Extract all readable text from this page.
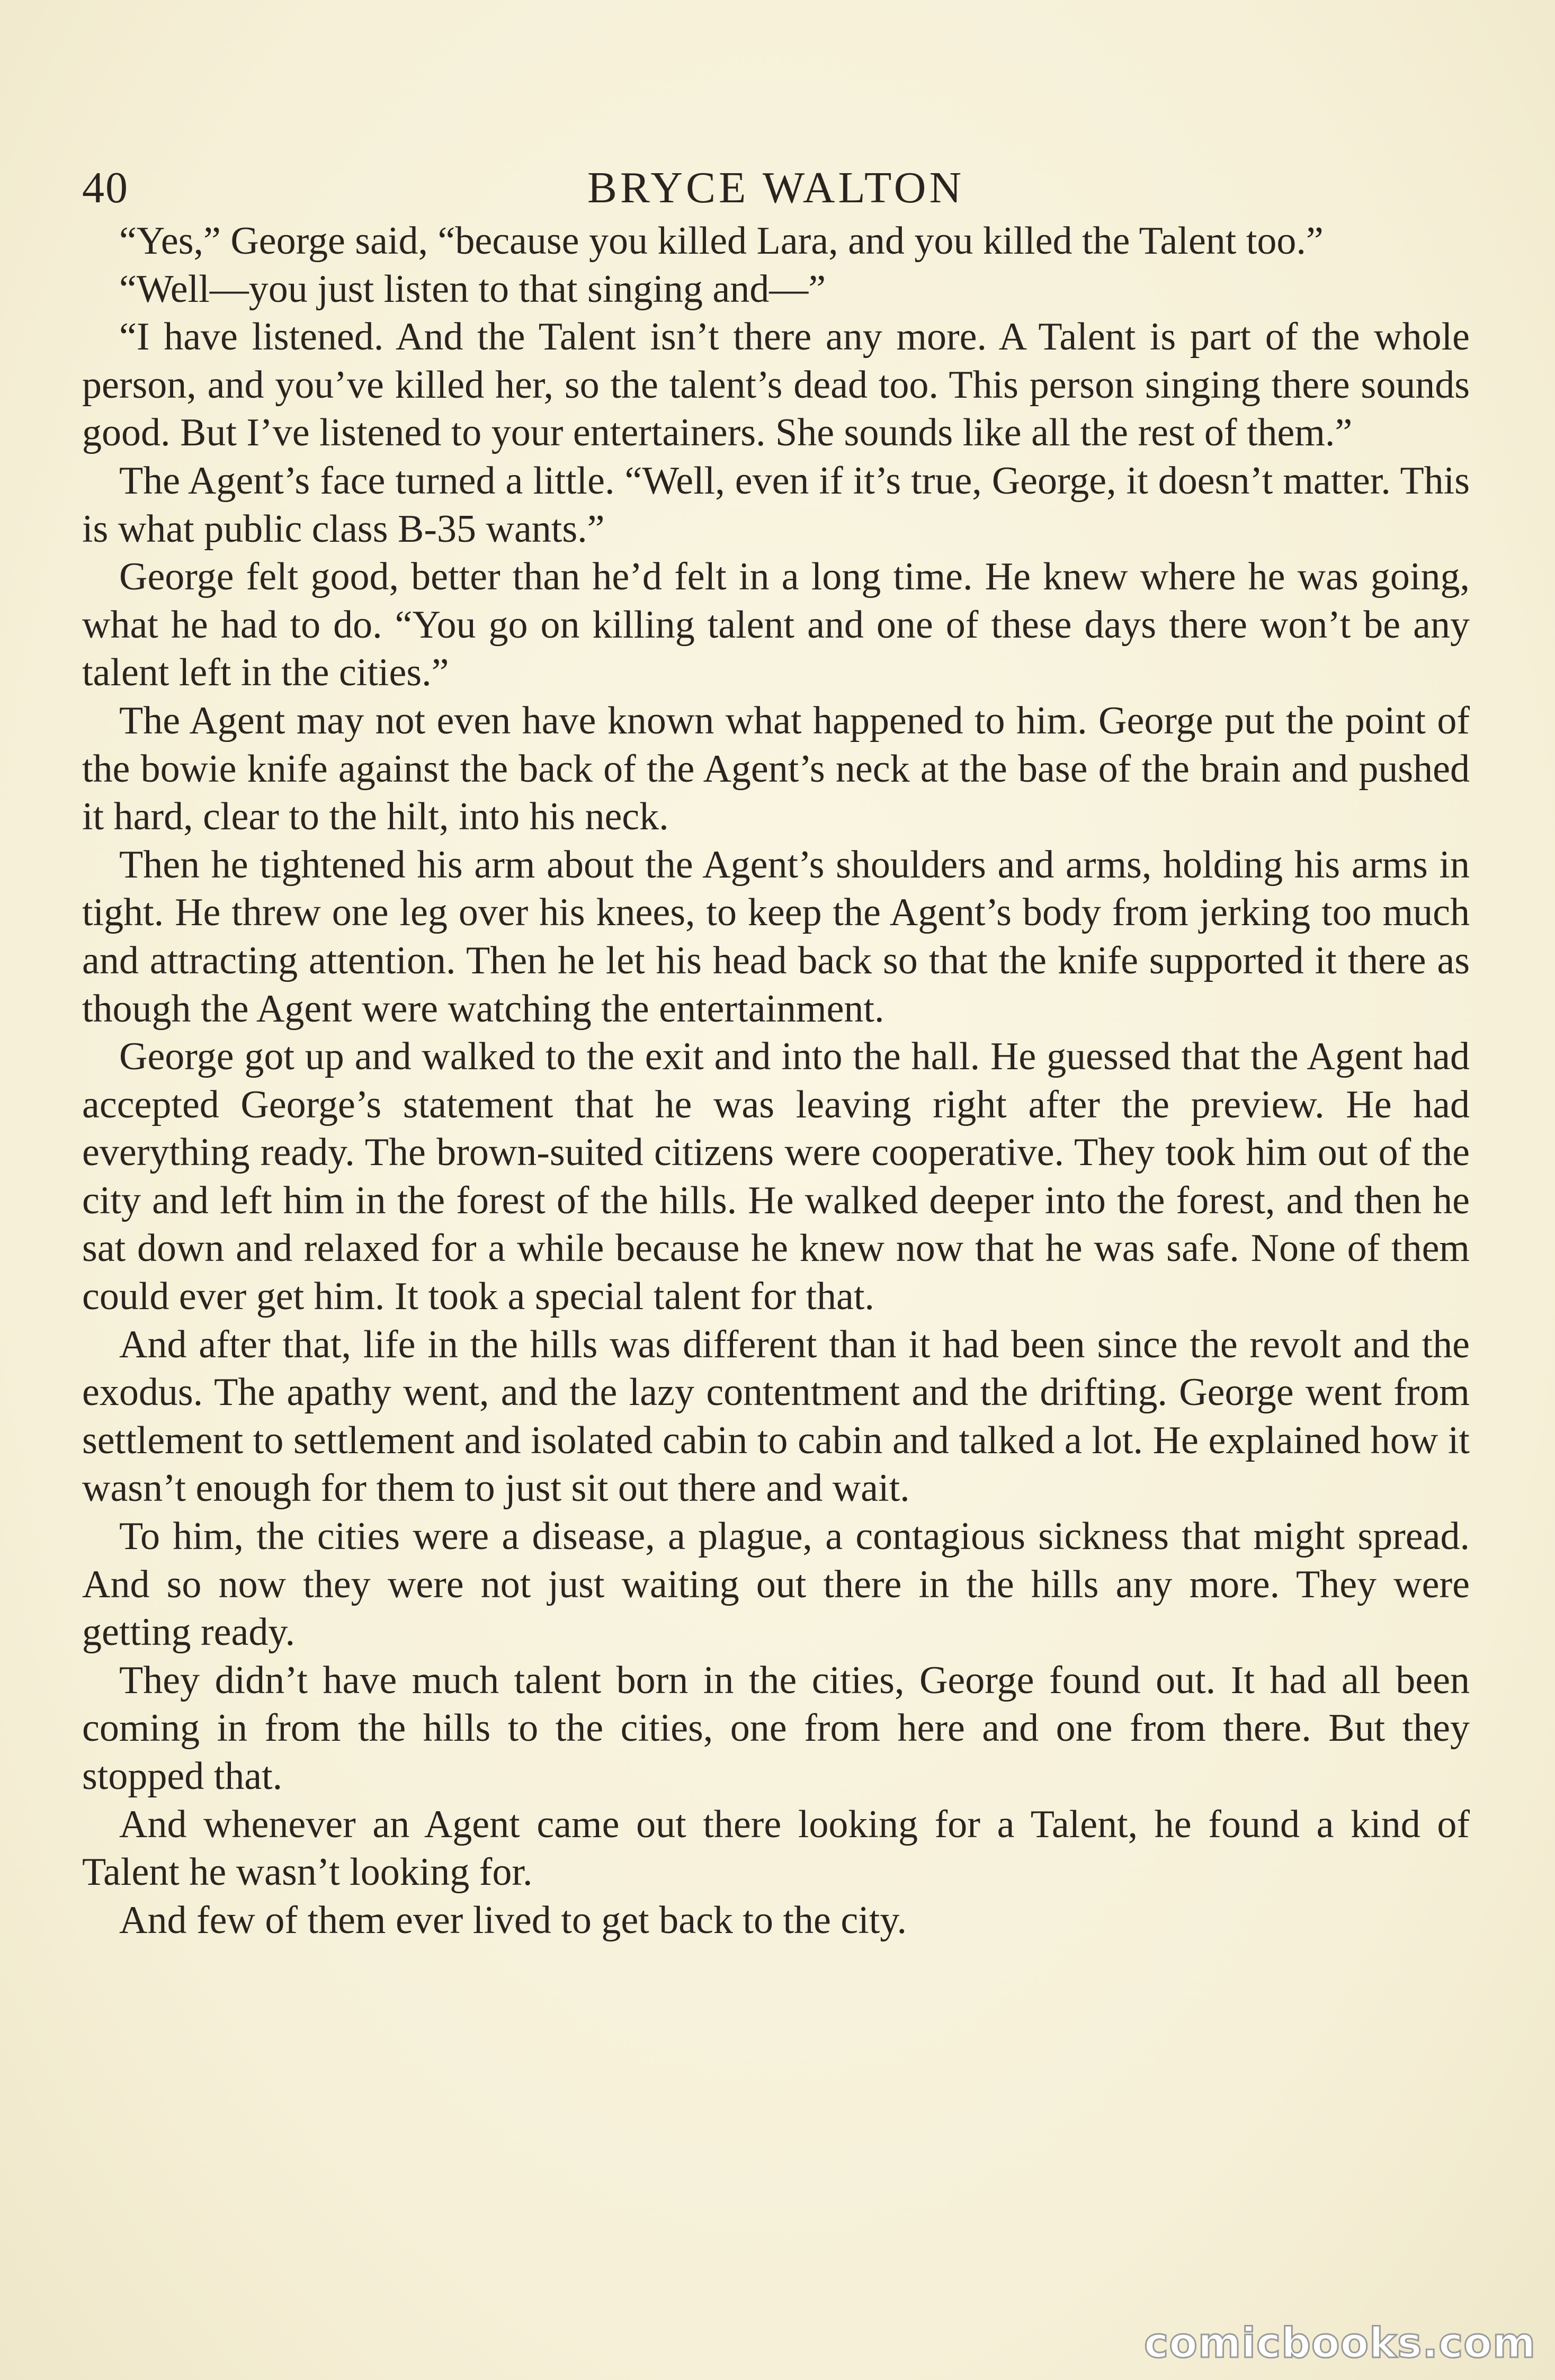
40	BRYCE WALTON

“Yes,” George said, “because you killed Lara, and you killed the Talent too.”

“Well—you just listen to that singing and—”

“I have listened. And the Talent isn’t there any more. A Talent is part of the whole person, and you’ve killed her, so the talent’s dead too. This person singing there sounds good. But I’ve listened to your entertainers. She sounds like all the rest of them.”

The Agent’s face turned a little. “Well, even if it’s true, George, it doesn’t matter. This is what public class B-35 wants.”

George felt good, better than he’d felt in a long time. He knew where he was going, what he had to do. “You go on killing talent and one of these days there won’t be any talent left in the cities.”

The Agent may not even have known what happened to him. George put the point of the bowie knife against the back of the Agent’s neck at the base of the brain and pushed it hard, clear to the hilt, into his neck.

Then he tightened his arm about the Agent’s shoulders and arms, holding his arms in tight. He threw one leg over his knees, to keep the Agent’s body from jerking too much and attracting attention. Then he let his head back so that the knife supported it there as though the Agent were watching the entertainment.

George got up and walked to the exit and into the hall. He guessed that the Agent had accepted George’s statement that he was leaving right after the preview. He had everything ready. The brown-suited citizens were cooperative. They took him out of the city and left him in the forest of the hills. He walked deeper into the forest, and then he sat down and relaxed for a while because he knew now that he was safe. None of them could ever get him. It took a special talent for that.

And after that, life in the hills was different than it had been since the revolt and the exodus. The apathy went, and the lazy contentment and the drifting. George went from settlement to settlement and isolated cabin to cabin and talked a lot. He explained how it wasn’t enough for them to just sit out there and wait.

To him, the cities were a disease, a plague, a contagious sickness that might spread. And so now they were not just waiting out there in the hills any more. They were getting ready.

They didn’t have much talent born in the cities, George found out. It had all been coming in from the hills to the cities, one from here and one from there. But they stopped that.

And whenever an Agent came out there looking for a Talent, he found a kind of Talent he wasn’t looking for.

And few of them ever lived to get back to the city.

comicbooks.com
